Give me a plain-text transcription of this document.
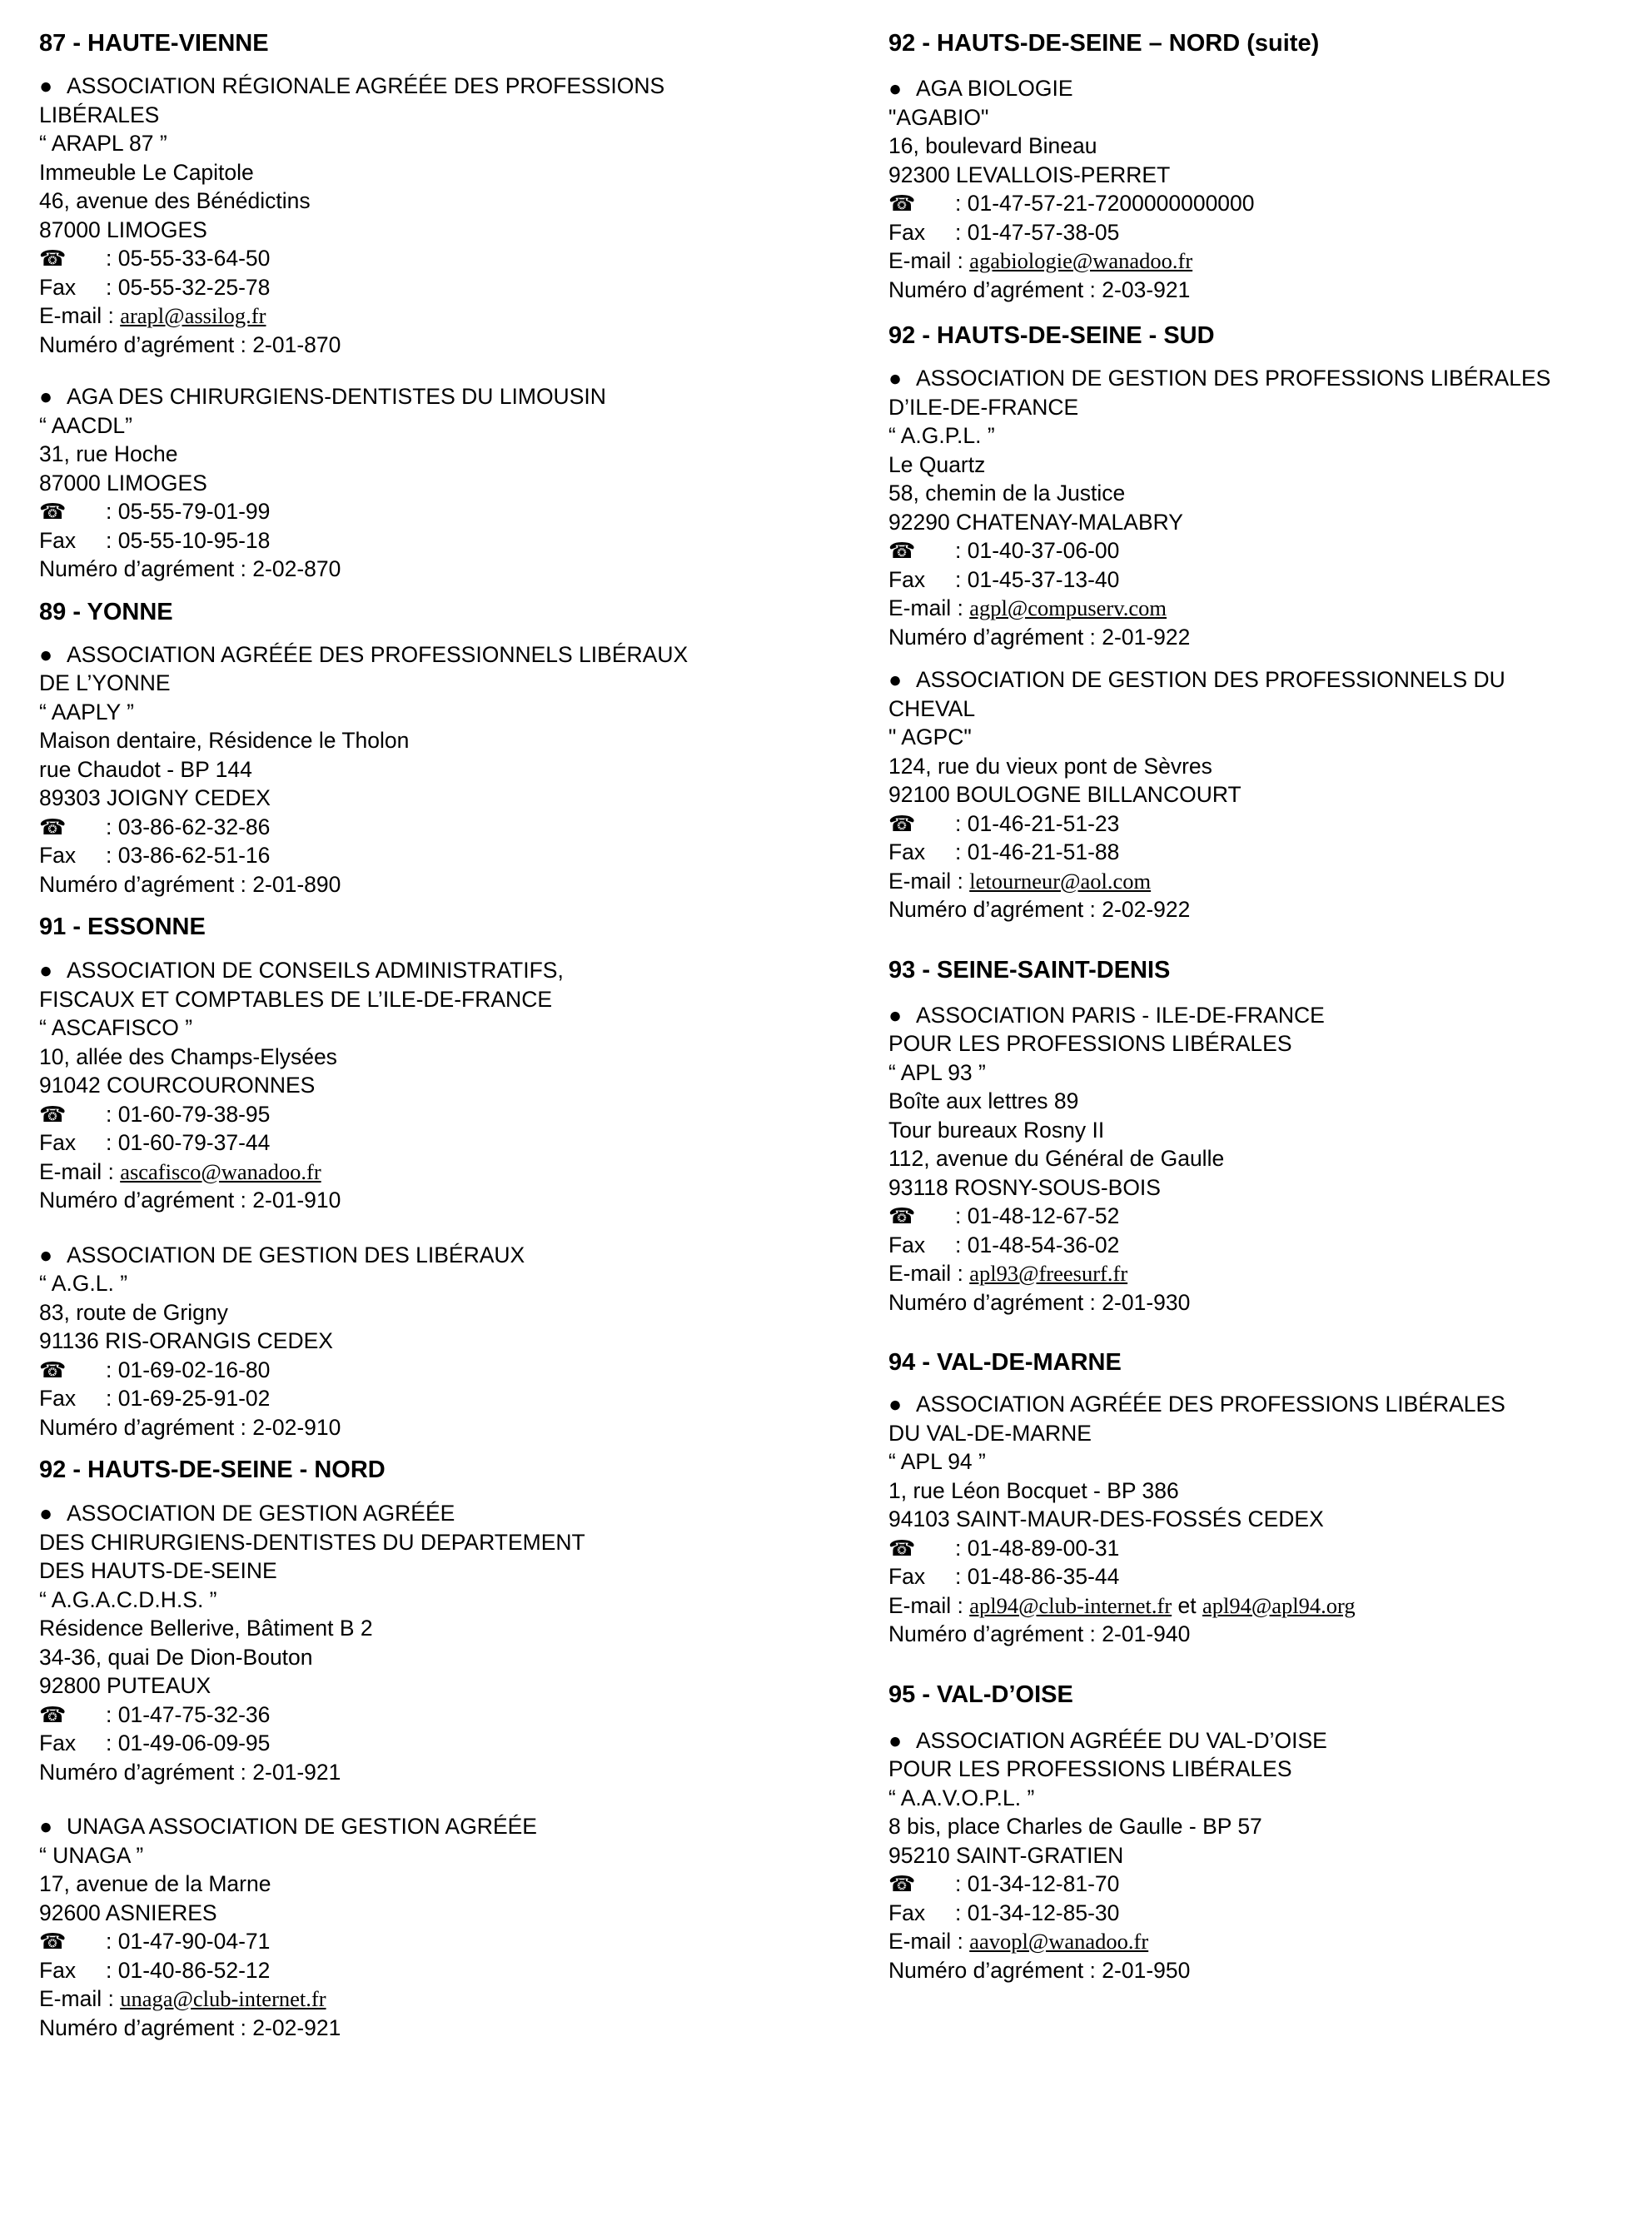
87 - HAUTE-VIENNE
● ASSOCIATION RÉGIONALE AGRÉÉE DES PROFESSIONS
LIBÉRALES
“ ARAPL 87 ”
Immeuble Le Capitole
46, avenue des Bénédictins
87000 LIMOGES
☎ : 05-55-33-64-50
Fax : 05-55-32-25-78
E-mail : arapl@assilog.fr
Numéro d’agrément : 2-01-870
● AGA DES CHIRURGIENS-DENTISTES DU LIMOUSIN
“ AACDL”
31, rue Hoche
87000 LIMOGES
☎ : 05-55-79-01-99
Fax : 05-55-10-95-18
Numéro d’agrément : 2-02-870
89 - YONNE
● ASSOCIATION AGRÉÉE DES PROFESSIONNELS LIBÉRAUX
DE L’YONNE
“ AAPLY ”
Maison dentaire, Résidence le Tholon
rue Chaudot - BP 144
89303 JOIGNY CEDEX
☎ : 03-86-62-32-86
Fax : 03-86-62-51-16
Numéro d’agrément : 2-01-890
91 - ESSONNE
● ASSOCIATION DE CONSEILS ADMINISTRATIFS,
FISCAUX ET COMPTABLES DE L’ILE-DE-FRANCE
“ ASCAFISCO ”
10, allée des Champs-Elysées
91042 COURCOURONNES
☎ : 01-60-79-38-95
Fax : 01-60-79-37-44
E-mail : ascafisco@wanadoo.fr
Numéro d’agrément : 2-01-910
● ASSOCIATION DE GESTION DES LIBÉRAUX
“ A.G.L. ”
83, route de Grigny
91136 RIS-ORANGIS CEDEX
☎ : 01-69-02-16-80
Fax : 01-69-25-91-02
Numéro d’agrément : 2-02-910
92 - HAUTS-DE-SEINE - NORD
● ASSOCIATION DE GESTION AGRÉÉE
DES CHIRURGIENS-DENTISTES DU DEPARTEMENT
DES HAUTS-DE-SEINE
“ A.G.A.C.D.H.S. ”
Résidence Bellerive, Bâtiment B 2
34-36, quai De Dion-Bouton
92800 PUTEAUX
☎ : 01-47-75-32-36
Fax : 01-49-06-09-95
Numéro d’agrément : 2-01-921
● UNAGA ASSOCIATION DE GESTION AGRÉÉE
“ UNAGA ”
17, avenue de la Marne
92600 ASNIERES
☎ : 01-47-90-04-71
Fax : 01-40-86-52-12
E-mail : unaga@club-internet.fr
Numéro d’agrément : 2-02-921
92 - HAUTS-DE-SEINE – NORD (suite)
● AGA BIOLOGIE
"AGABIO"
16, boulevard Bineau
92300 LEVALLOIS-PERRET
☎ : 01-47-57-21-7200000000000
Fax : 01-47-57-38-05
E-mail : agabiologie@wanadoo.fr
Numéro d’agrément : 2-03-921
92 - HAUTS-DE-SEINE - SUD
● ASSOCIATION DE GESTION DES PROFESSIONS LIBÉRALES
D’ILE-DE-FRANCE
“ A.G.P.L. ”
Le Quartz
58, chemin de la Justice
92290 CHATENAY-MALABRY
☎ : 01-40-37-06-00
Fax : 01-45-37-13-40
E-mail : agpl@compuserv.com
Numéro d’agrément : 2-01-922
● ASSOCIATION DE GESTION DES PROFESSIONNELS DU
CHEVAL
" AGPC"
124, rue du vieux pont de Sèvres
92100 BOULOGNE BILLANCOURT
☎ : 01-46-21-51-23
Fax : 01-46-21-51-88
E-mail : letourneur@aol.com
Numéro d’agrément : 2-02-922
93 - SEINE-SAINT-DENIS
● ASSOCIATION PARIS - ILE-DE-FRANCE
POUR LES PROFESSIONS LIBÉRALES
“ APL 93 ”
Boîte aux lettres 89
Tour bureaux Rosny II
112, avenue du Général de Gaulle
93118 ROSNY-SOUS-BOIS
☎ : 01-48-12-67-52
Fax : 01-48-54-36-02
E-mail : apl93@freesurf.fr
Numéro d’agrément : 2-01-930
94 - VAL-DE-MARNE
● ASSOCIATION AGRÉÉE DES PROFESSIONS LIBÉRALES
DU VAL-DE-MARNE
“ APL 94 ”
1, rue Léon Bocquet - BP 386
94103 SAINT-MAUR-DES-FOSSÉS CEDEX
☎ : 01-48-89-00-31
Fax : 01-48-86-35-44
E-mail : apl94@club-internet.fr et apl94@apl94.org
Numéro d’agrément : 2-01-940
95 - VAL-D’OISE
● ASSOCIATION AGRÉÉE DU VAL-D’OISE
POUR LES PROFESSIONS LIBÉRALES
“ A.A.V.O.P.L. ”
8 bis, place Charles de Gaulle - BP 57
95210 SAINT-GRATIEN
☎ : 01-34-12-81-70
Fax : 01-34-12-85-30
E-mail : aavopl@wanadoo.fr
Numéro d’agrément : 2-01-950
